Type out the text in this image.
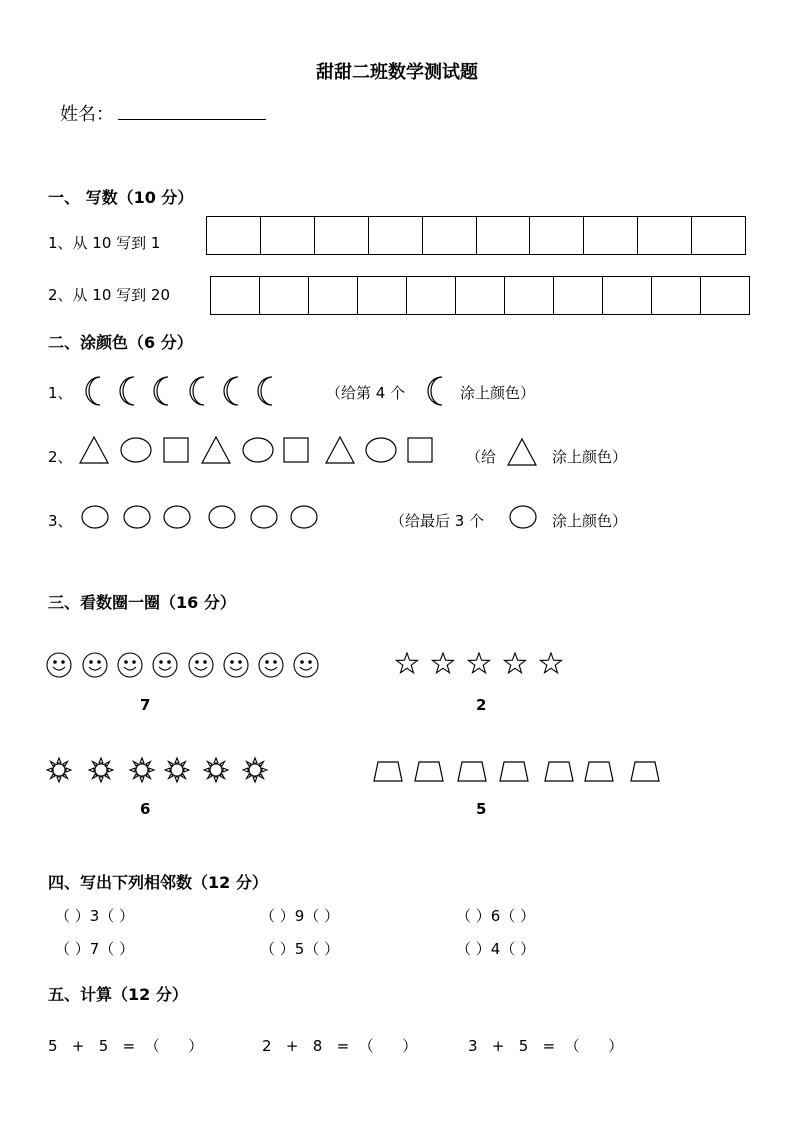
甜甜二班数学测试题
姓名：
一、 写数（10 分）
1、从 10 写到 1
2、从 10 写到 20
二、涂颜色（6 分）
1、	（给第 4 个	涂上颜色）
2、	（给	涂上颜色）
3、	（给最后 3 个	涂上颜色）
三、看数圈一圈（16 分）
7	2
6	5
四、写出下列相邻数（12 分）
（ ）3（ ）	（ ）9（ ）	（ ）6（ ）
（ ）7（ ）	（ ）5（ ）	（ ）4（ ）
五、计算（12 分）
5   +   5   =  （      ）	2   +   8   =  （      ）	3   +   5   =  （      ）
